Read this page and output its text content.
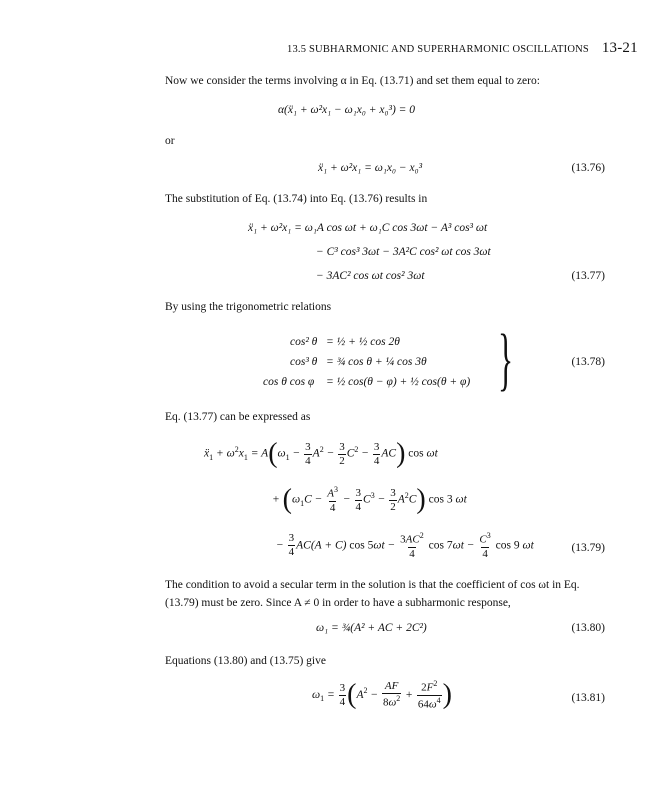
13.5 SUBHARMONIC AND SUPERHARMONIC OSCILLATIONS 13-21
Now we consider the terms involving α in Eq. (13.71) and set them equal to zero:
α(ẍ₁ + ω²x₁ − ω₁x₀ + x₀³) = 0
or
ẍ₁ + ω²x₁ = ω₁x₀ − x₀³	(13.76)
The substitution of Eq. (13.74) into Eq. (13.76) results in
ẍ₁ + ω²x₁ = ω₁A cos ωt + ω₁C cos 3ωt − A³ cos³ ωt
− C³ cos³ 3ωt − 3A²C cos² ωt cos 3ωt
− 3AC² cos ωt cos² 3ωt	(13.77)
By using the trigonometric relations
cos² θ = ½ + ½ cos 2θ
cos³ θ = ¾ cos θ + ¼ cos 3θ
cos θ cos φ = ½ cos(θ − φ) + ½ cos(θ + φ) }	(13.78)
Eq. (13.77) can be expressed as
ẍ$_1$ + $\omega^2x_1 = A(\omega_1 - \frac{3}{4} A^2 - \frac{3}{2} C^2 - \frac{3}{4} AC)$ cos ωt
+ $(\omega_1C - \frac{A^3}{4} - \frac{3}{4} C^3 - \frac{3}{2} A^2C)$ cos 3 ωt
− $\frac{3}{4} AC(A + C)$ $\cos 5\omega t - \frac{3AC^2}{4}$ $\cos 7\omega t - \frac{C^3}{4}$ cos 9 ωt	(13.79)
The condition to avoid a secular term in the solution is that the coefficient of cos ωt in Eq. (13.79) must be zero. Since A ≠ 0 in order to have a subharmonic response,
ω₁ = ¾(A² + AC + 2C²)	(13.80)
Equations (13.80) and (13.75) give
$\omega_1 = \frac{3}{4} (A^2 - \frac{AF}{8\omega^2} + \frac{2F^2}{64\omega^4}$ )	(13.81)
